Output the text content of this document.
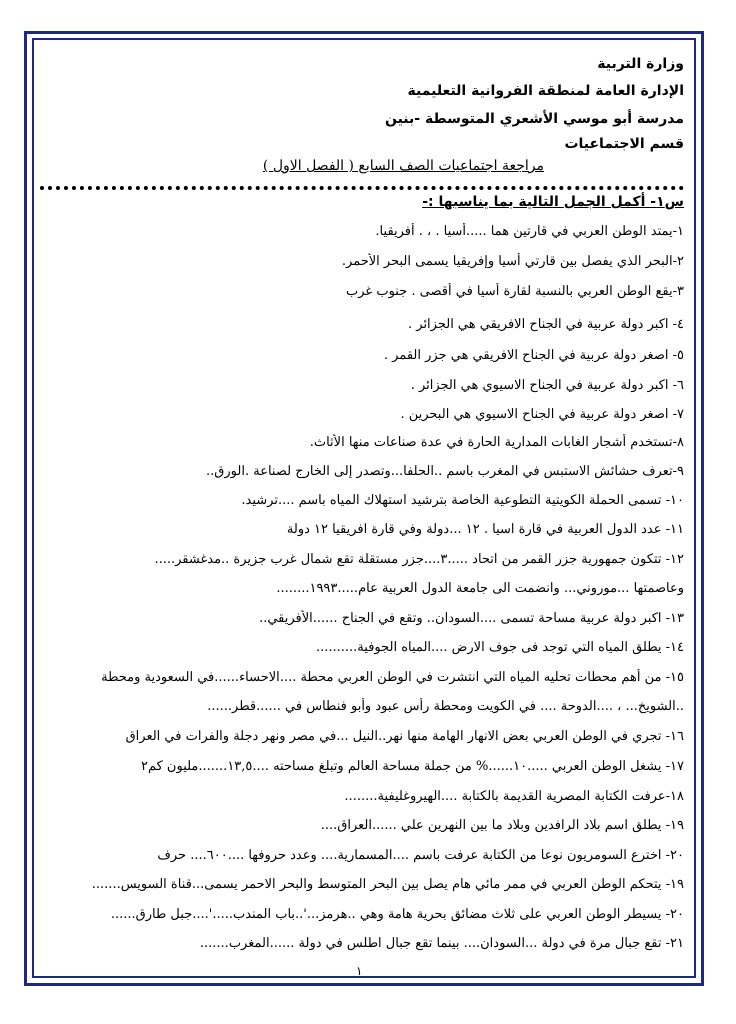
وزارة التربية
الإدارة العامة لمنطقة الفروانية التعليمية
مدرسة أبو موسي الأشعري المتوسطة -بنين
قسم الاجتماعيات
مراجعة اجتماعيات الصف السابع ( الفصل الاول )
س١- أكمل الجمل التالية بما يناسبها :-
١-يمتد الوطن العربي في قارتين هما .....أسيا . ، . أفريقيا.
٢-البحر الذي يفصل بين قارتي أسيا وإفريقيا يسمى البحر الأحمر.
٣-يقع الوطن العربي بالنسبة لقارة أسيا في أقصى . جنوب غرب
٤- اكبر دولة عربية في الجناح الافريقي هي الجزائر .
٥- اصغر دولة عربية في الجناح الافريقي هي جزر القمر .
٦- اكبر دولة عربية في الجناح الاسيوي هي الجزائر .
٧- اصغر دولة عربية في الجناح الاسيوي هي البحرين .
٨-تستخدم أشجار الغابات المدارية الحارة في عدة صناعات منها الأثاث.
٩-تعرف حشائش الاستبس في المغرب باسم ..الحلفا...وتصدر إلى الخارج لصناعة .الورق..
١٠- تسمى الحملة الكويتية التطوعية الخاصة بترشيد استهلاك المياه باسم ....ترشيد.
١١- عدد الدول العربية في قارة اسيا . ١٢ ...دولة وفي قارة افريقيا ١٢ دولة
١٢- تتكون جمهورية جزر القمر من اتحاد .....٣....جزر مستقلة تقع شمال غرب جزيرة ..مدغشقر.....
وعاصمتها ...موروني... وانضمت الى جامعة الدول العربية عام.....١٩٩٣........
١٣- اكبر دولة عربية مساحة تسمى ....السودان.. وتقع في الجناح ......الأفريقي..
١٤- يطلق المياه التي توجد فى جوف الارض ....المياه الجوفية..........
١٥- من أهم محطات تحليه المياه التي انتشرت في الوطن العربي محطة ....الاحساء......في السعودية ومحطة
..الشويخ... ، ....الدوحة .... في الكويت ومحطة رأس عبود وأبو فنطاس في ......قطر......
١٦- تجري في الوطن العربي بعض الانهار الهامة منها نهر..النيل ...في مصر ونهر دجلة والفرات في العراق
١٧- يشغل الوطن العربي .....١٠......% من جملة مساحة العالم وتبلغ مساحته ....١٣,٥.......مليون كم٢
١٨-عرفت الكتابة المصرية القديمة بالكتابة ....الهيروغليفية........
١٩- يطلق اسم بلاد الرافدين وبلاد ما بين النهرين علي ......العراق....
٢٠- اخترع السومريون نوعا من الكتابة عرفت باسم ....المسمارية.... وعدد حروفها ....٦٠٠.... حرف
١٩- يتحكم الوطن العربي في ممر مائي هام يصل بين البحر المتوسط والبحر الاحمر يسمى...قناة السويس.......
٢٠- يسيطر الوطن العربي على ثلاث مضائق بحرية هامة وهي ..هرمز...'..باب المندب.....'....جبل طارق......
٢١- تقع جبال مرة في دولة ...السودان.... بينما تقع جبال اطلس في دولة ......المغرب.......
١
